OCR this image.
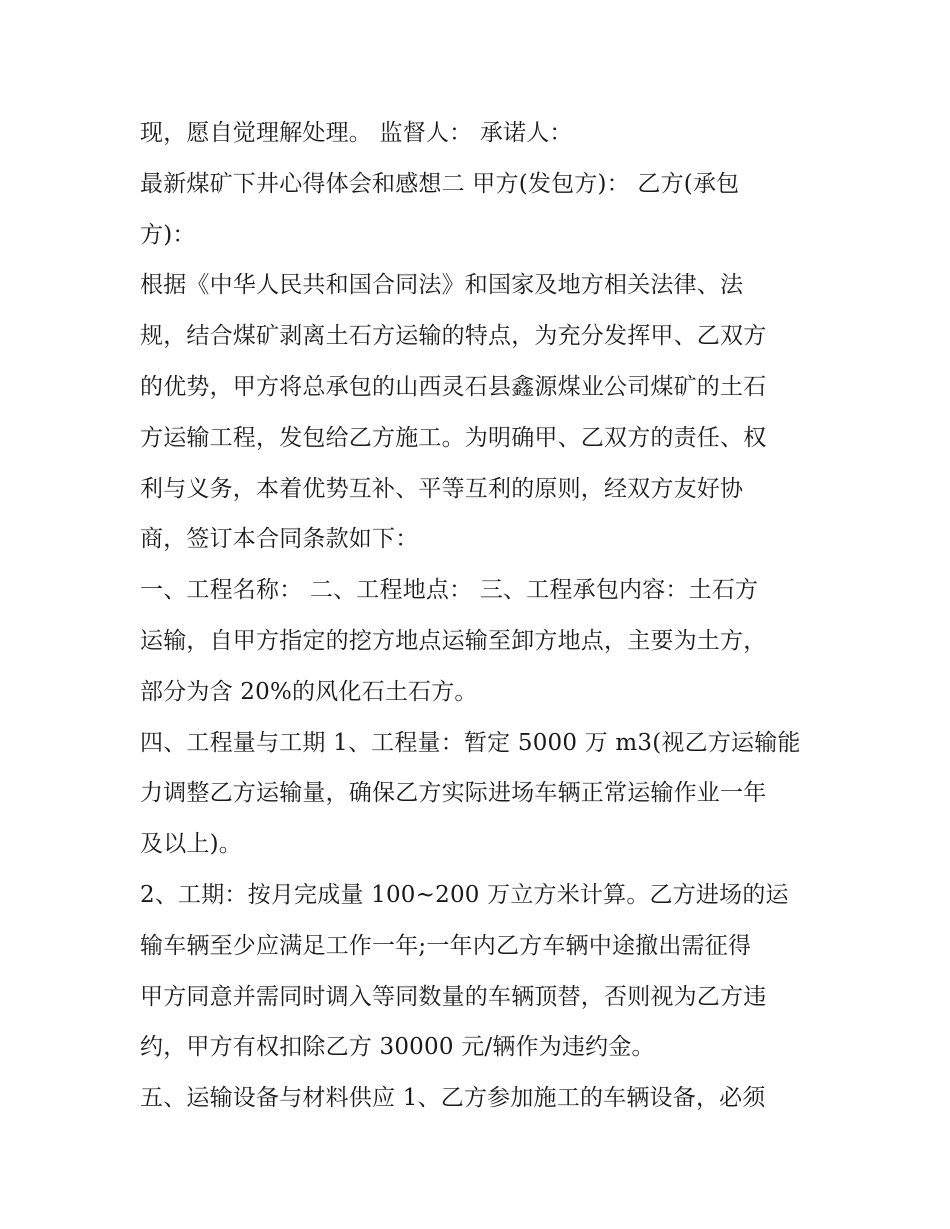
现，愿自觉理解处理。 监督人： 承诺人：
最新煤矿下井心得体会和感想二 甲方(发包方)： 乙方(承包
方)：
根据《中华人民共和国合同法》和国家及地方相关法律、法
规，结合煤矿剥离土石方运输的特点，为充分发挥甲、乙双方
的优势，甲方将总承包的山西灵石县鑫源煤业公司煤矿的土石
方运输工程，发包给乙方施工。为明确甲、乙双方的责任、权
利与义务，本着优势互补、平等互利的原则，经双方友好协
商，签订本合同条款如下：
一、工程名称： 二、工程地点： 三、工程承包内容：土石方
运输，自甲方指定的挖方地点运输至卸方地点，主要为土方，
部分为含 20%的风化石土石方。
四、工程量与工期 1、工程量：暂定 5000 万 m3(视乙方运输能
力调整乙方运输量，确保乙方实际进场车辆正常运输作业一年
及以上)。
2、工期：按月完成量 100~200 万立方米计算。乙方进场的运
输车辆至少应满足工作一年;一年内乙方车辆中途撤出需征得
甲方同意并需同时调入等同数量的车辆顶替，否则视为乙方违
约，甲方有权扣除乙方 30000 元/辆作为违约金。
五、运输设备与材料供应 1、乙方参加施工的车辆设备，必须
